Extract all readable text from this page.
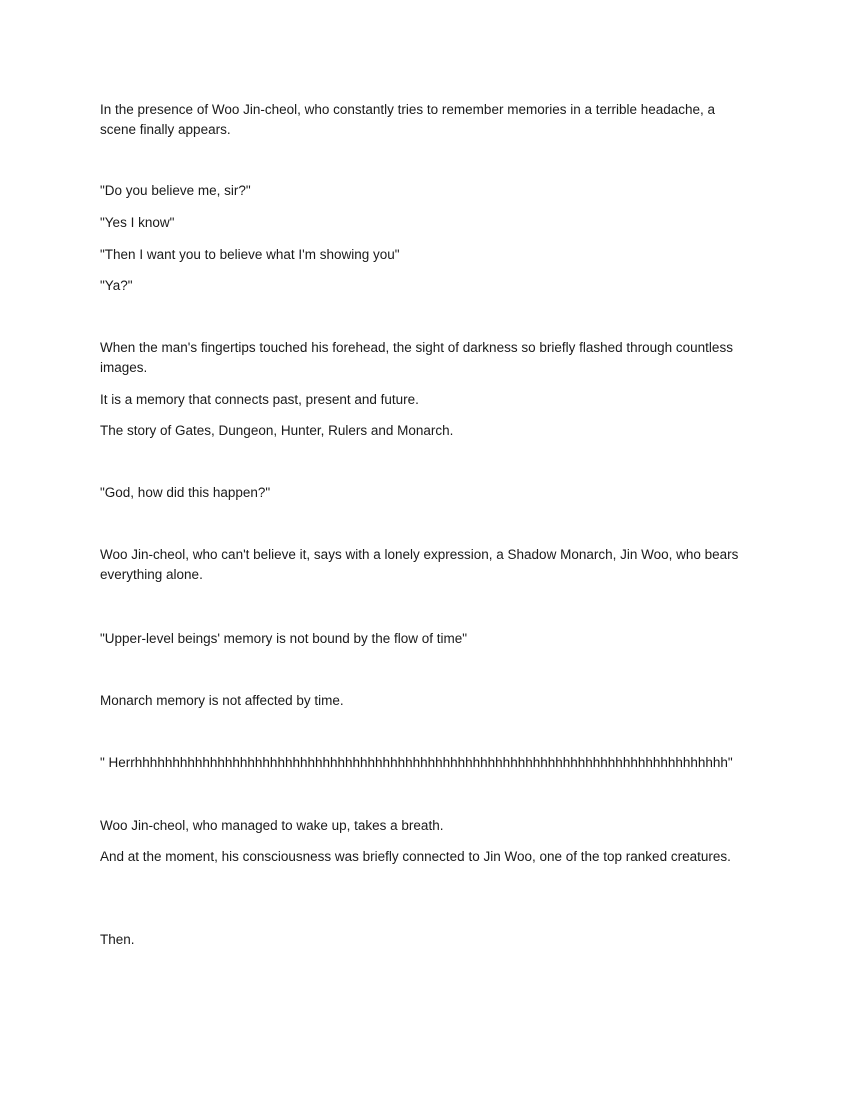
In the presence of Woo Jin-cheol, who constantly tries to remember memories in a terrible headache, a scene finally appears.

"Do you believe me, sir?"

"Yes I know"

"Then I want you to believe what I'm showing you"

"Ya?"

When the man's fingertips touched his forehead, the sight of darkness so briefly flashed through countless images.

It is a memory that connects past, present and future.

The story of Gates, Dungeon, Hunter, Rulers and Monarch.

"God, how did this happen?"

Woo Jin-cheol, who can't believe it, says with a lonely expression, a Shadow Monarch, Jin Woo, who bears everything alone.

"Upper-level beings' memory is not bound by the flow of time"

Monarch memory is not affected by time.

" Herrhhhhhhhhhhhhhhhhhhhhhhhhhhhhhhhhhhhhhhhhhhhhhhhhhhhhhhhhhhhhhhhhhhhhhhhhhhhhhhh"

Woo Jin-cheol, who managed to wake up, takes a breath.

And at the moment, his consciousness was briefly connected to Jin Woo, one of the top ranked creatures.

Then.
